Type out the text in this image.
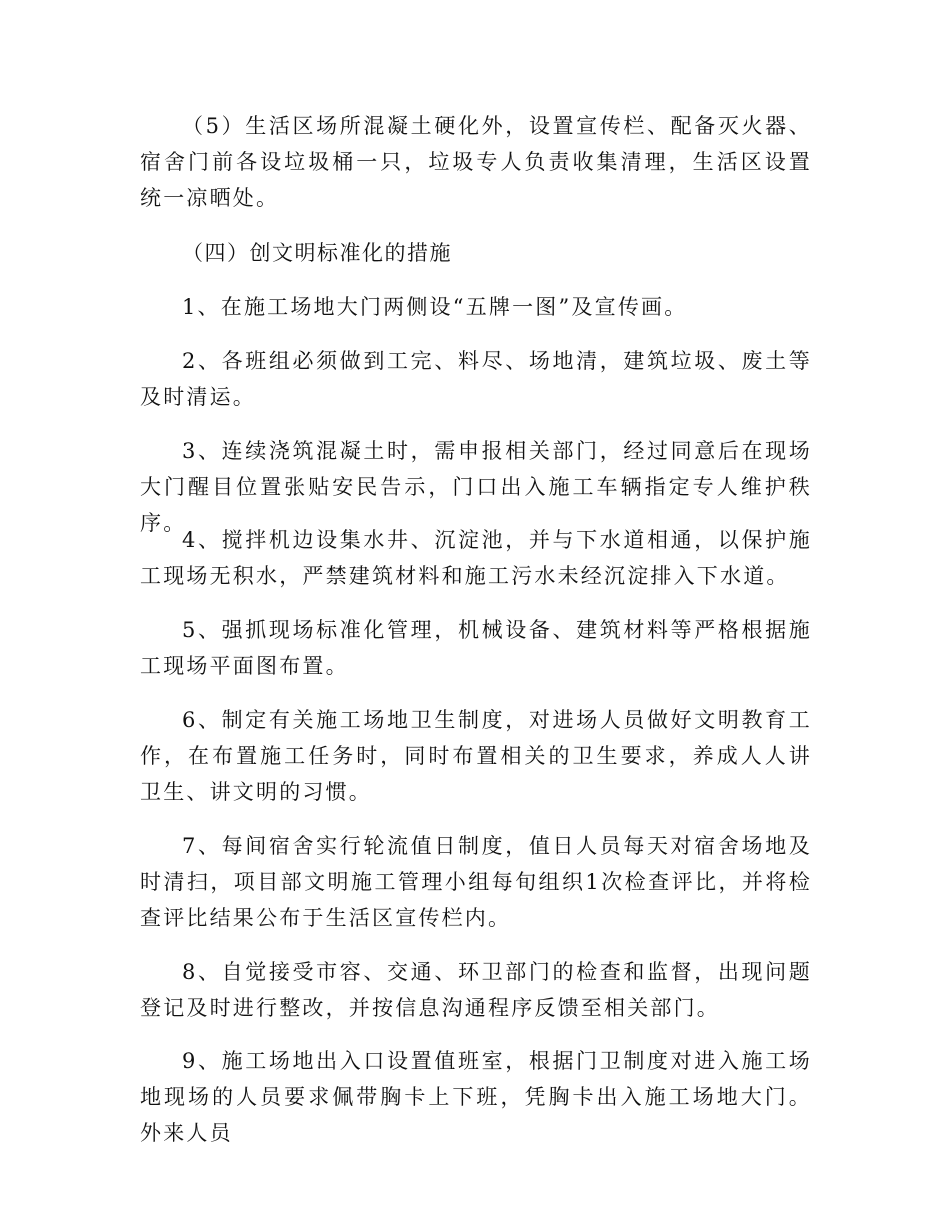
（5）生活区场所混凝土硬化外，设置宣传栏、配备灭火器、宿舍门前各设垃圾桶一只，垃圾专人负责收集清理，生活区设置统一凉晒处。

（四）创文明标准化的措施

1、在施工场地大门两侧设“五牌一图”及宣传画。

2、各班组必须做到工完、料尽、场地清，建筑垃圾、废土等及时清运。

3、连续浇筑混凝土时，需申报相关部门，经过同意后在现场大门醒目位置张贴安民告示，门口出入施工车辆指定专人维护秩序。

4、搅拌机边设集水井、沉淀池，并与下水道相通，以保护施工现场无积水，严禁建筑材料和施工污水未经沉淀排入下水道。

5、强抓现场标准化管理，机械设备、建筑材料等严格根据施工现场平面图布置。

6、制定有关施工场地卫生制度，对进场人员做好文明教育工作，在布置施工任务时，同时布置相关的卫生要求，养成人人讲卫生、讲文明的习惯。

7、每间宿舍实行轮流值日制度，值日人员每天对宿舍场地及时清扫，项目部文明施工管理小组每旬组织1次检查评比，并将检查评比结果公布于生活区宣传栏内。

8、自觉接受市容、交通、环卫部门的检查和监督，出现问题登记及时进行整改，并按信息沟通程序反馈至相关部门。

9、施工场地出入口设置值班室，根据门卫制度对进入施工场地现场的人员要求佩带胸卡上下班，凭胸卡出入施工场地大门。外来人员
